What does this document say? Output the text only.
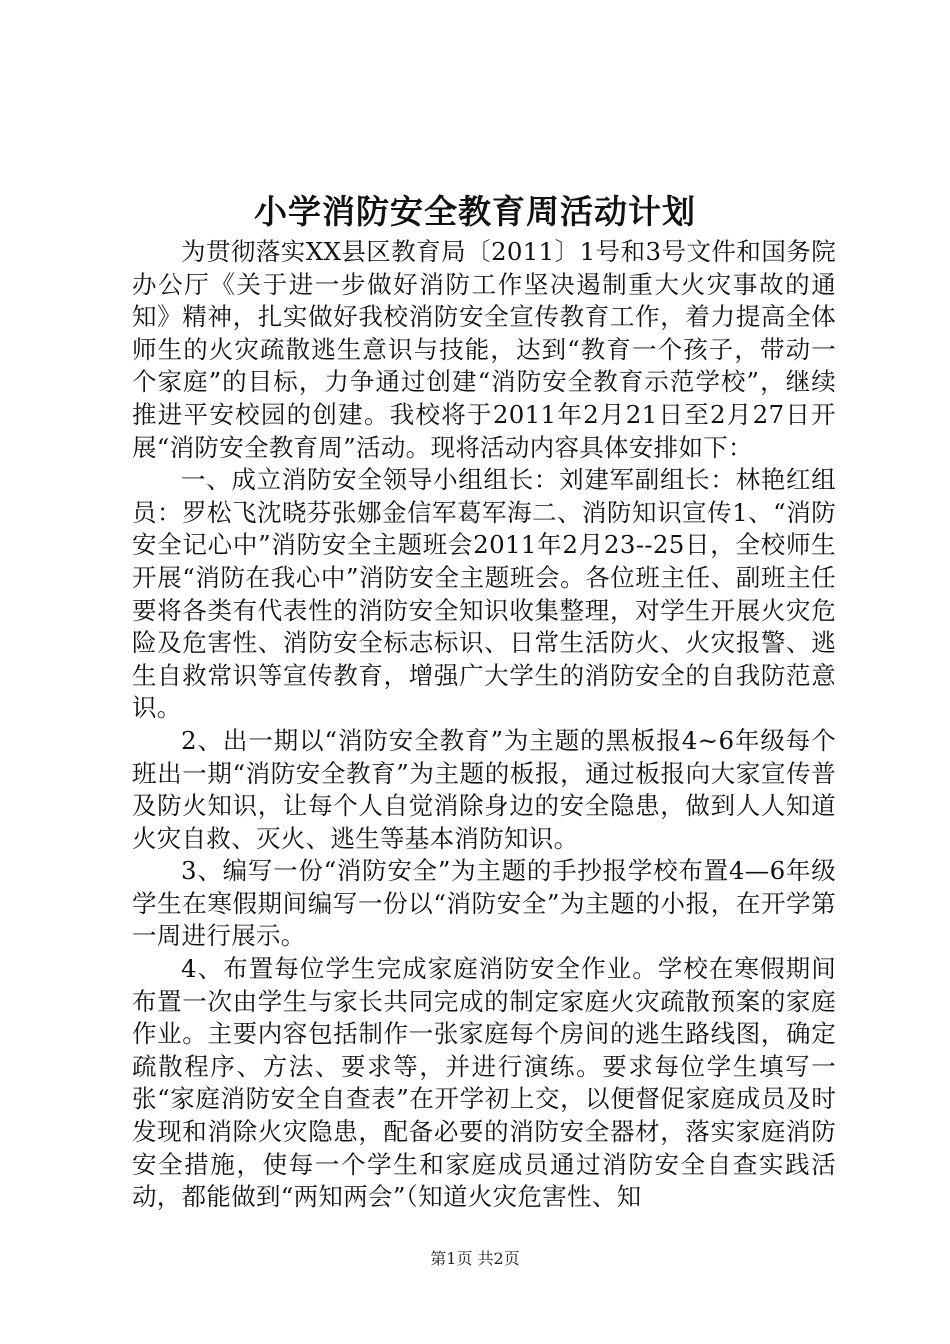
小学消防安全教育周活动计划

为贯彻落实XX县区教育局〔2011〕1号和3号文件和国务院办公厅《关于进一步做好消防工作坚决遏制重大火灾事故的通知》精神，扎实做好我校消防安全宣传教育工作，着力提高全体师生的火灾疏散逃生意识与技能，达到“教育一个孩子，带动一个家庭”的目标，力争通过创建“消防安全教育示范学校”，继续推进平安校园的创建。我校将于2011年2月21日至2月27日开展“消防安全教育周”活动。现将活动内容具体安排如下：

一、成立消防安全领导小组组长：刘建军副组长：林艳红组员：罗松飞沈晓芬张娜金信军葛军海二、消防知识宣传1、“消防安全记心中”消防安全主题班会2011年2月23--25日，全校师生开展“消防在我心中”消防安全主题班会。各位班主任、副班主任要将各类有代表性的消防安全知识收集整理，对学生开展火灾危险及危害性、消防安全标志标识、日常生活防火、火灾报警、逃生自救常识等宣传教育，增强广大学生的消防安全的自我防范意识。

2、出一期以“消防安全教育”为主题的黑板报4~6年级每个班出一期“消防安全教育”为主题的板报，通过板报向大家宣传普及防火知识，让每个人自觉消除身边的安全隐患，做到人人知道火灾自救、灭火、逃生等基本消防知识。

3、编写一份“消防安全”为主题的手抄报学校布置4—6年级学生在寒假期间编写一份以“消防安全”为主题的小报，在开学第一周进行展示。

4、布置每位学生完成家庭消防安全作业。学校在寒假期间布置一次由学生与家长共同完成的制定家庭火灾疏散预案的家庭作业。主要内容包括制作一张家庭每个房间的逃生路线图，确定疏散程序、方法、要求等，并进行演练。要求每位学生填写一张“家庭消防安全自查表”在开学初上交，以便督促家庭成员及时发现和消除火灾隐患，配备必要的消防安全器材，落实家庭消防安全措施，使每一个学生和家庭成员通过消防安全自查实践活动，都能做到“两知两会”（知道火灾危害性、知

第1页 共2页
